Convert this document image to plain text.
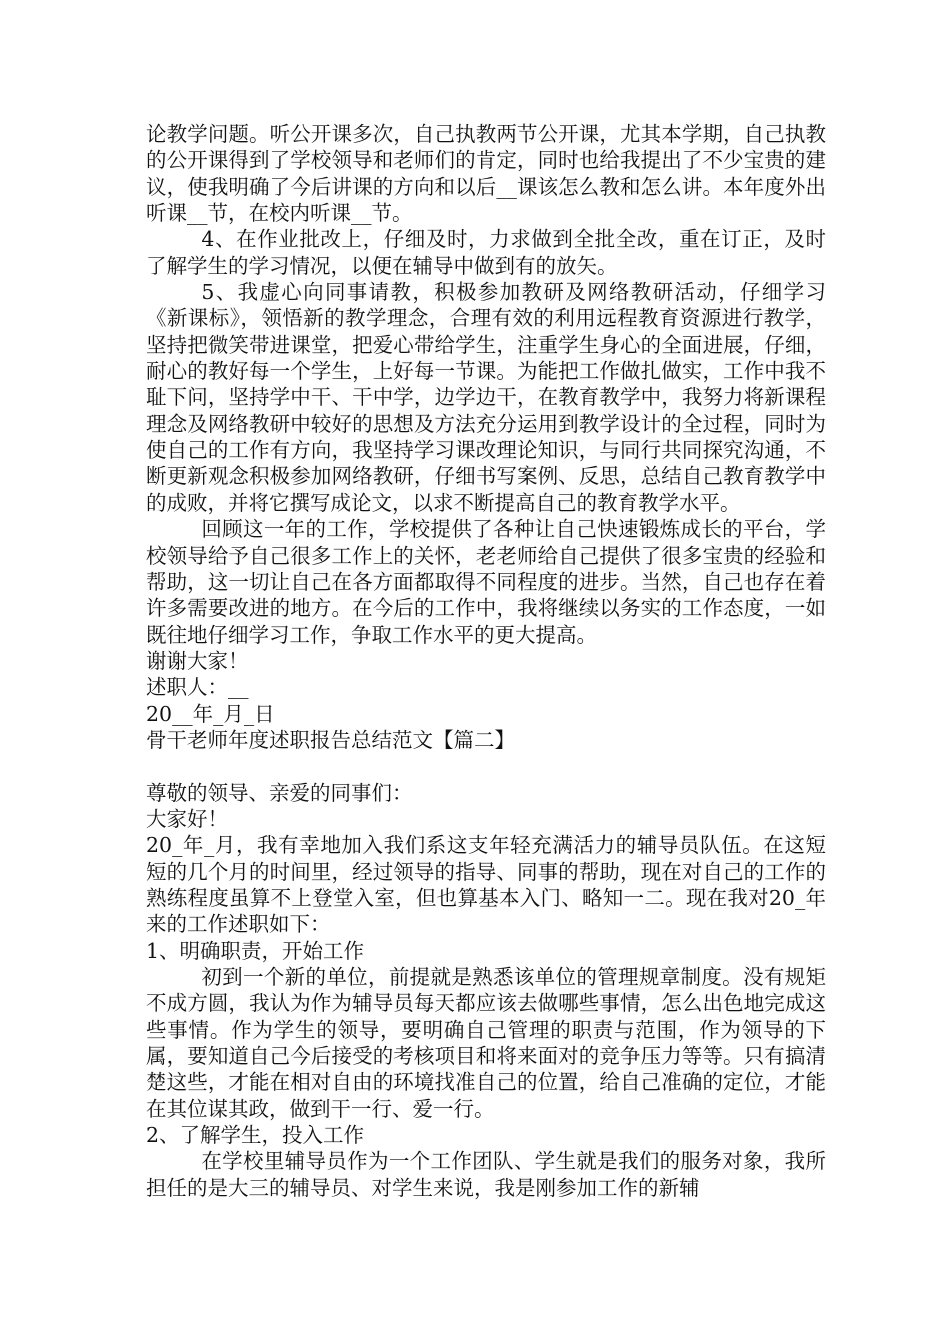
论教学问题。听公开课多次，自己执教两节公开课，尤其本学期，自己执教的公开课得到了学校领导和老师们的肯定，同时也给我提出了不少宝贵的建议，使我明确了今后讲课的方向和以后__课该怎么教和怎么讲。本年度外出听课__节，在校内听课__节。

4、在作业批改上，仔细及时，力求做到全批全改，重在订正，及时了解学生的学习情况，以便在辅导中做到有的放矢。

5、我虚心向同事请教，积极参加教研及网络教研活动，仔细学习《新课标》，领悟新的教学理念，合理有效的利用远程教育资源进行教学，坚持把微笑带进课堂，把爱心带给学生，注重学生身心的全面进展，仔细，耐心的教好每一个学生，上好每一节课。为能把工作做扎做实，工作中我不耻下问，坚持学中干、干中学，边学边干，在教育教学中，我努力将新课程理念及网络教研中较好的思想及方法充分运用到教学设计的全过程，同时为使自己的工作有方向，我坚持学习课改理论知识，与同行共同探究沟通，不断更新观念积极参加网络教研，仔细书写案例、反思，总结自己教育教学中的成败，并将它撰写成论文，以求不断提高自己的教育教学水平。

回顾这一年的工作，学校提供了各种让自己快速锻炼成长的平台，学校领导给予自己很多工作上的关怀，老老师给自己提供了很多宝贵的经验和帮助，这一切让自己在各方面都取得不同程度的进步。当然，自己也存在着许多需要改进的地方。在今后的工作中，我将继续以务实的工作态度，一如既往地仔细学习工作，争取工作水平的更大提高。

谢谢大家！

述职人：__

20__年_月_日

骨干老师年度述职报告总结范文【篇二】

尊敬的领导、亲爱的同事们：

大家好！

20_年_月，我有幸地加入我们系这支年轻充满活力的辅导员队伍。在这短短的几个月的时间里，经过领导的指导、同事的帮助，现在对自己的工作的熟练程度虽算不上登堂入室，但也算基本入门、略知一二。现在我对20_年来的工作述职如下：

1、明确职责，开始工作

初到一个新的单位，前提就是熟悉该单位的管理规章制度。没有规矩不成方圆，我认为作为辅导员每天都应该去做哪些事情，怎么出色地完成这些事情。作为学生的领导，要明确自己管理的职责与范围，作为领导的下属，要知道自己今后接受的考核项目和将来面对的竞争压力等等。只有搞清楚这些，才能在相对自由的环境找准自己的位置，给自己准确的定位，才能在其位谋其政，做到干一行、爱一行。

2、了解学生，投入工作

在学校里辅导员作为一个工作团队、学生就是我们的服务对象，我所担任的是大三的辅导员、对学生来说，我是刚参加工作的新辅
